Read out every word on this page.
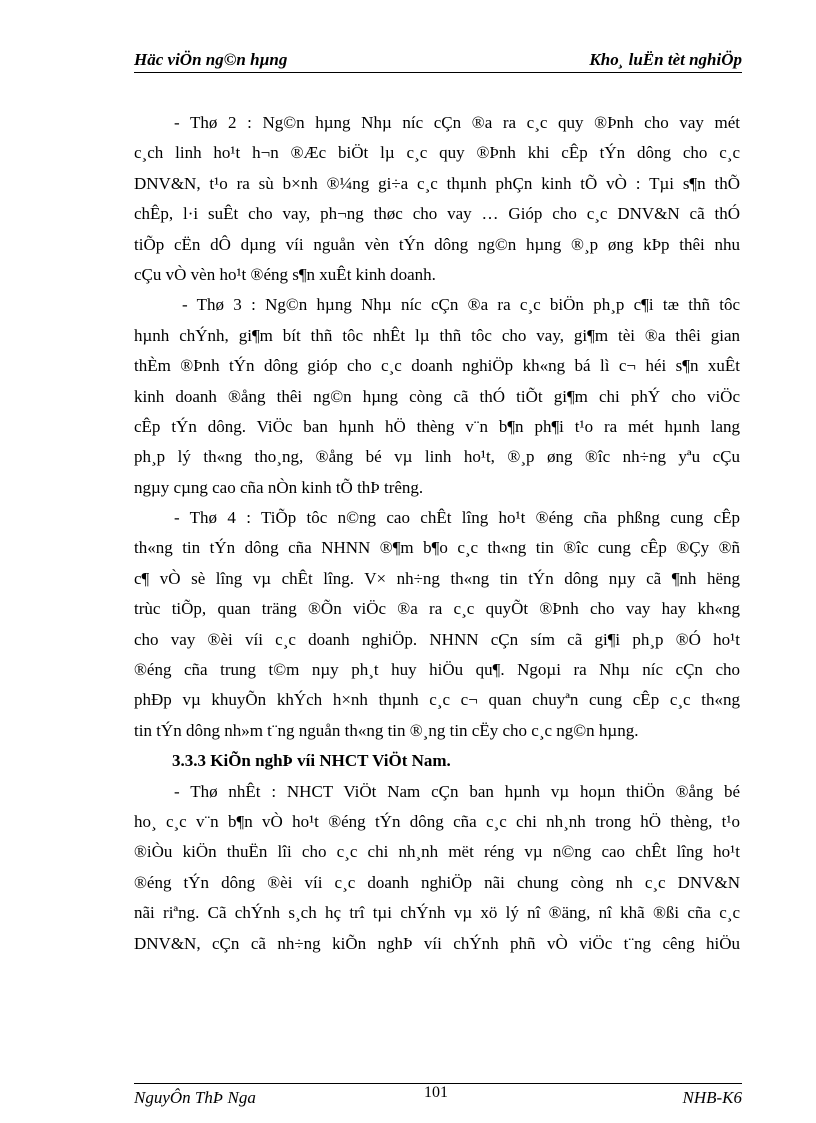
Häc viÖn ng©n hµng	Kho¸ luËn tèt nghiÖp
- Thø 2 : Ng©n hµng Nhµ níc cÇn ®a ra c¸c quy ®Þnh cho vay mét
c¸ch linh ho¹t h¬n ®Æc biÖt lµ c¸c quy ®Þnh khi cÊp tÝn dông cho c¸c
DNV&N, t¹o ra sù b×nh ®¼ng gi÷a c¸c thµnh phÇn kinh tÕ vÒ : Tµi s¶n thÕ
chÊp, l·i suÊt cho vay, ph¬ng thøc cho vay … Gióp cho c¸c DNV&N cã thÓ
tiÕp cËn dÔ dµng víi nguån vèn tÝn dông ng©n hµng ®¸p øng kÞp thêi nhu
cÇu vÒ vèn ho¹t ®éng s¶n xuÊt kinh doanh.
- Thø 3 : Ng©n hµng Nhµ níc cÇn ®a ra c¸c biÖn ph¸p c¶i tæ thñ tôc
hµnh chÝnh, gi¶m bít thñ tôc nhÊt lµ thñ tôc cho vay, gi¶m tèi ®a thêi gian
thÈm ®Þnh tÝn dông gióp cho c¸c doanh nghiÖp kh«ng bá lì c¬ héi s¶n xuÊt
kinh doanh ®ång thêi ng©n hµng còng cã thÓ tiÕt gi¶m chi phÝ cho viÖc
cÊp tÝn dông. ViÖc ban hµnh hÖ thèng v¨n b¶n ph¶i t¹o ra mét hµnh lang
ph¸p lý th«ng tho¸ng, ®ång bé vµ linh ho¹t, ®¸p øng ®îc nh÷ng yªu cÇu
ngµy cµng cao cña nÒn kinh tÕ thÞ trêng.
- Thø 4 : TiÕp tôc n©ng cao chÊt lîng ho¹t ®éng cña phßng cung cÊp
th«ng tin tÝn dông cña NHNN ®¶m b¶o c¸c th«ng tin ®îc cung cÊp ®Çy ®ñ
c¶ vÒ sè lîng vµ chÊt lîng. V× nh÷ng th«ng tin tÝn dông nµy cã ¶nh hëng
trùc tiÕp, quan träng ®Õn viÖc ®a ra c¸c quyÕt ®Þnh cho vay hay kh«ng
cho vay ®èi víi c¸c doanh nghiÖp. NHNN cÇn sím cã gi¶i ph¸p ®Ó ho¹t
®éng cña trung t©m nµy ph¸t huy hiÖu qu¶. Ngoµi ra Nhµ níc cÇn cho
phÐp vµ khuyÕn khÝch h×nh thµnh c¸c c¬ quan chuyªn cung cÊp c¸c th«ng
tin tÝn dông nh»m t¨ng nguån th«ng tin ®¸ng tin cËy cho c¸c ng©n hµng.
3.3.3 KiÕn nghÞ víi NHCT ViÖt Nam.
- Thø nhÊt : NHCT ViÖt Nam cÇn ban hµnh vµ hoµn thiÖn ®ång bé
ho¸ c¸c v¨n b¶n vÒ ho¹t ®éng tÝn dông cña c¸c chi nh¸nh trong hÖ thèng, t¹o
®iÒu kiÖn thuËn lîi cho c¸c chi nh¸nh mët réng vµ n©ng cao chÊt lîng ho¹t
®éng tÝn dông ®èi víi c¸c doanh nghiÖp nãi chung còng nh c¸c DNV&N
nãi riªng. Cã chÝnh s¸ch hç trî tµi chÝnh vµ xö lý nî ®äng, nî khã ®ßi cña c¸c
DNV&N, cÇn cã nh÷ng kiÕn nghÞ víi chÝnh phñ vÒ viÖc t¨ng cêng hiÖu
NguyÔn ThÞ Nga	101	NHB-K6
